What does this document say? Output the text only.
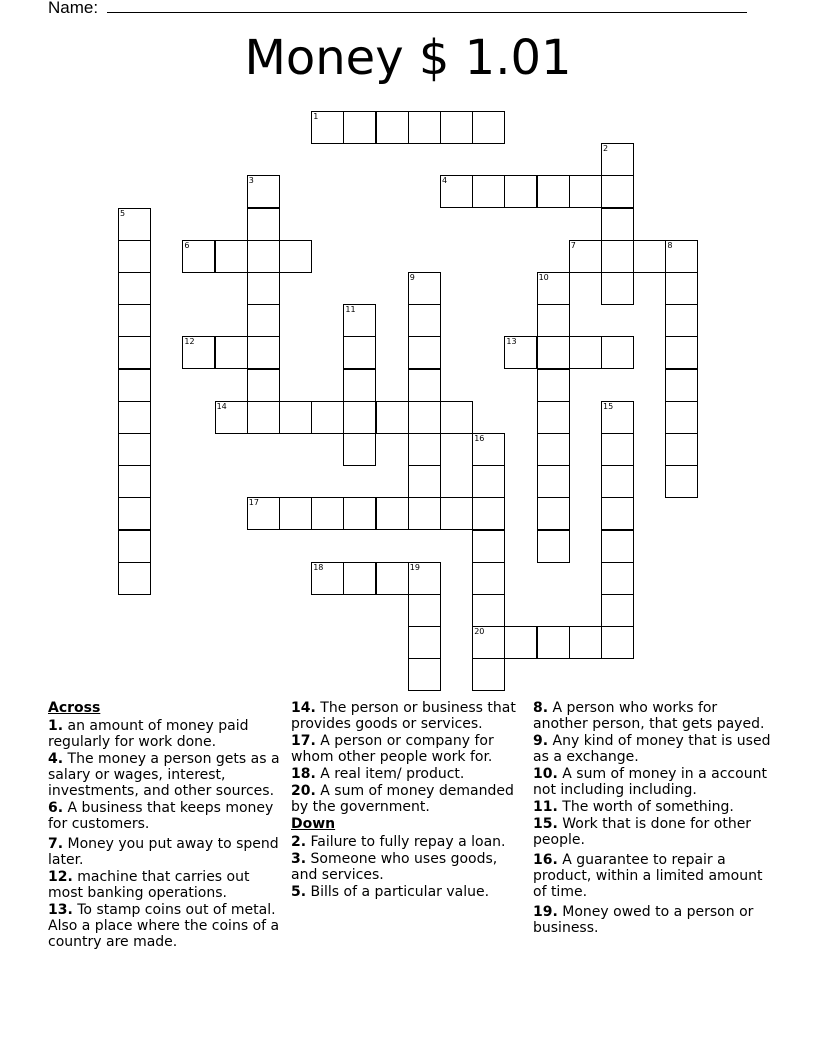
Name:
Money $ 1.01
1
4
6	7	8
12	13
14
17
18	19
20
2
3
5
9	10
11
15
16
Across
1. an amount of money paid regularly for work done.
4. The money a person gets as a salary or wages, interest, investments, and other sources.
6. A business that keeps money for customers.
7. Money you put away to spend later.
12. machine that carries out most banking operations.
13. To stamp coins out of metal. Also a place where the coins of a country are made.
14. The person or business that provides goods or services.
17. A person or company for whom other people work for.
18. A real item/ product.
20. A sum of money demanded by the government.
Down
2. Failure to fully repay a loan.
3. Someone who uses goods, and services.
5. Bills of a particular value.
8. A person who works for another person, that gets payed.
9. Any kind of money that is used as a exchange.
10. A sum of money in a account not including including.
11. The worth of something.
15. Work that is done for other people.
16. A guarantee to repair a product, within a limited amount of time.
19. Money owed to a person or business.
